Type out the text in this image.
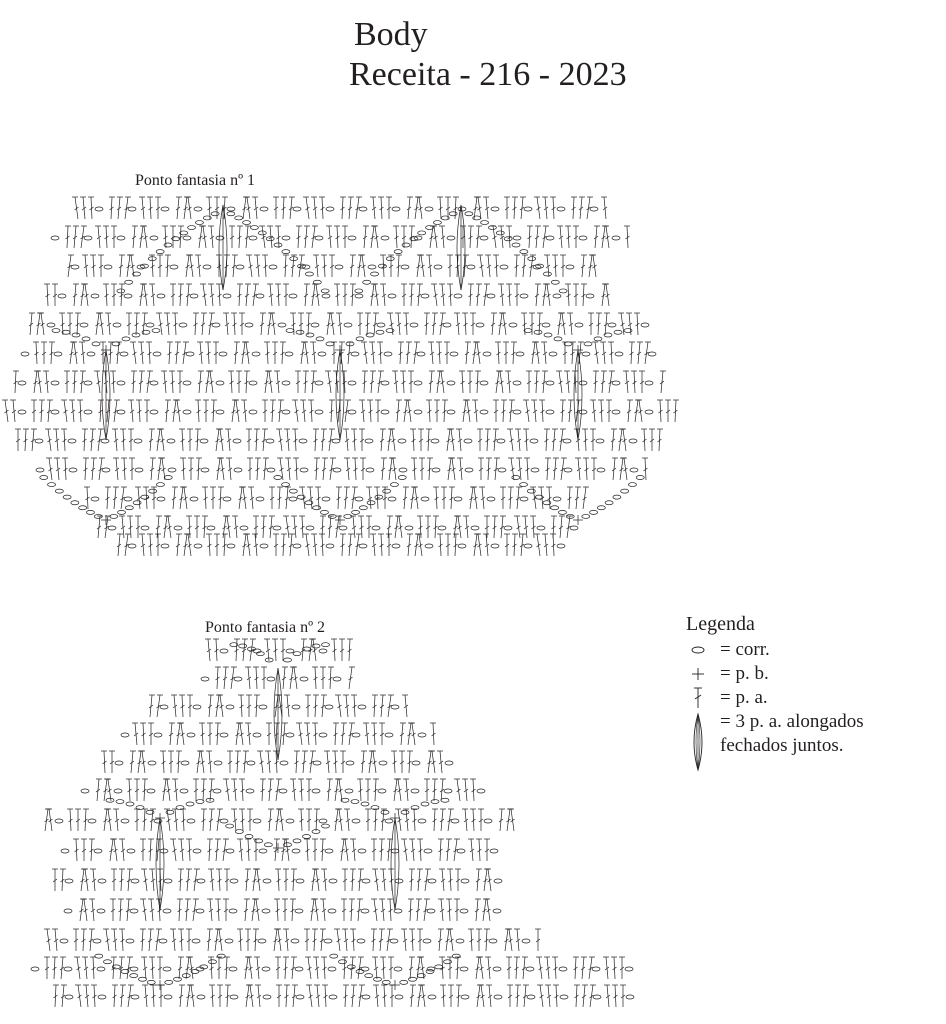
Body
Receita - 216 - 2023
Ponto fantasia nº 1
Ponto fantasia nº 2	Legenda
= corr.
= p. b.
= p. a.
= 3 p. a. alongados
fechados juntos.
